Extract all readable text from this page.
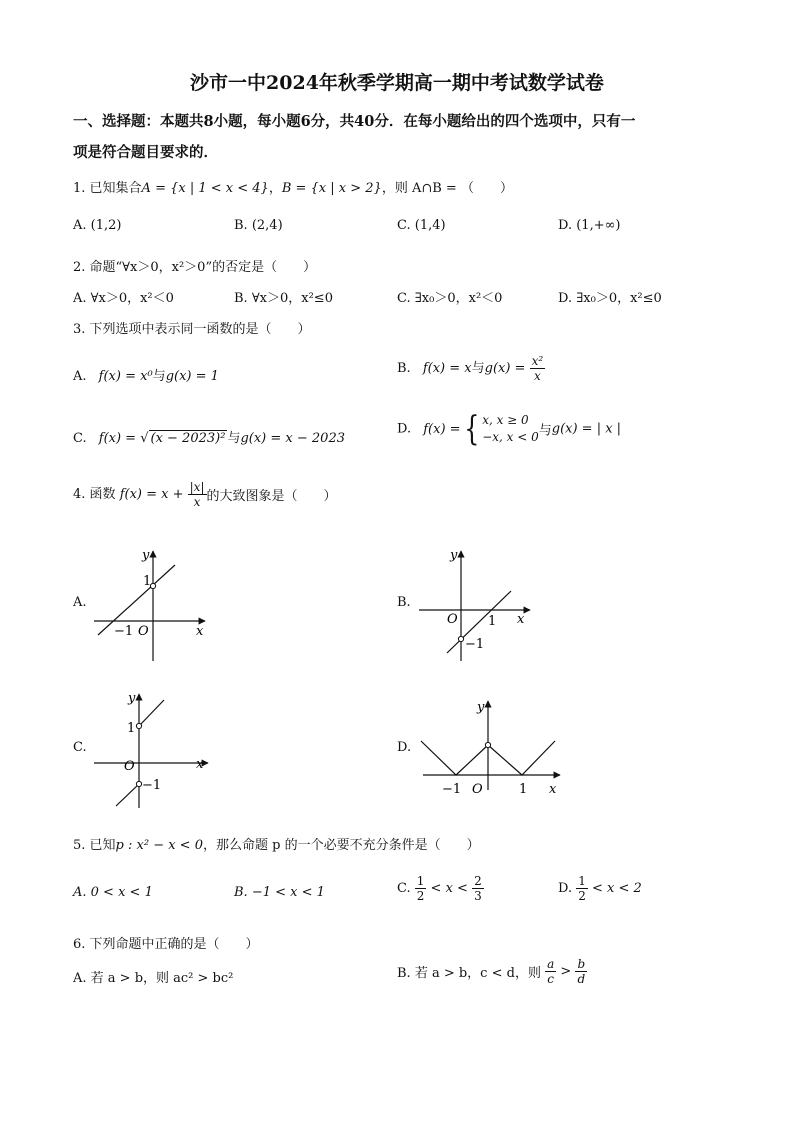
沙市一中2024年秋季学期高一期中考试数学试卷
一、选择题：本题共8小题，每小题6分，共40分．在每小题给出的四个选项中，只有一
项是符合题目要求的．
1. 已知集合A = {x | 1 < x < 4}，B = {x | x > 2}，则 A∩B = （　　）
A. (1,2)	B. (2,4)	C. (1,4)	D. (1,+∞)
2. 命题“∀x＞0，x²＞0”的否定是（　　）
A. ∀x＞0，x²＜0	B. ∀x＞0，x²≤0	C. ∃x₀＞0，x²＜0	D. ∃x₀＞0，x²≤0
3. 下列选项中表示同一函数的是（　　）
A. f(x) = x⁰与g(x) = 1
B. f(x) = x与$g(x) = \frac{\text{x²}}{x}$
C. f(x) = √ (x − 2023)² 与g(x) = x − 2023
D. f(x) ={ x, x ≥ 0
−x, x < 0 与g(x) = | x |
4. 函数 $f(x) = x + \frac{|x|}{x}$ 的大致图象是（　　）
A.
y
x
O
1
−1
B.
y
x
O 1
−1
C.
y
x
O
1
−1
D.
y
x
O	1
−1
5. 已知p : x² − x < 0，那么命题 p 的一个必要不充分条件是（　　）
A. 0 < x < 1	B. −1 < x < 1	C. $\frac{1}{2} < x < \frac{2}{3}$	D. $\frac{1}{2} < x < 2$
6. 下列命题中正确的是（　　）
A. 若 a > b，则 ac² > bc²	B. 若 a > b，c < d，则 $\frac{a}{c} > \frac{b}{d}$
